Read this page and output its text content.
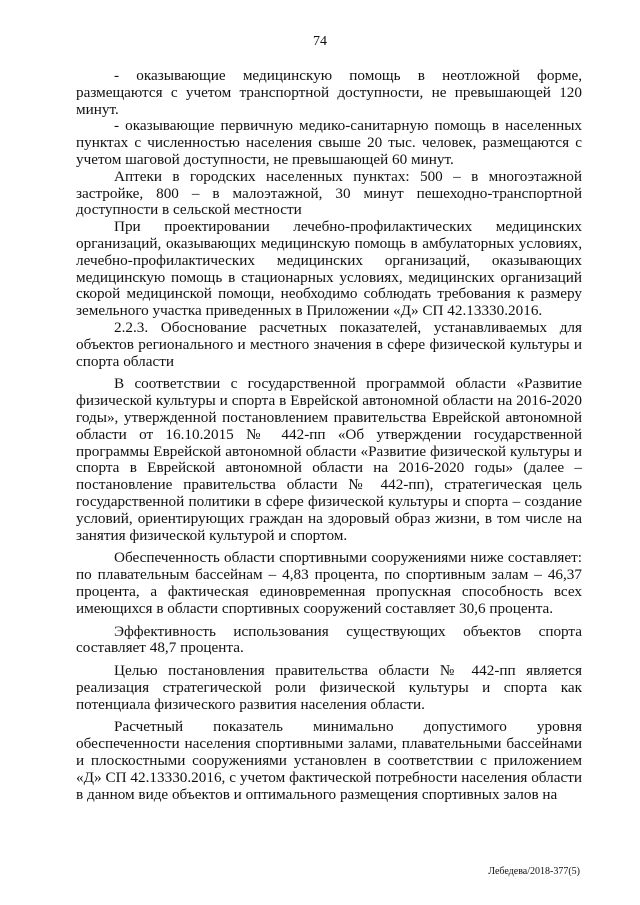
74

- оказывающие медицинскую помощь в неотложной форме, размещаются с учетом транспортной доступности, не превышающей 120 минут.

- оказывающие первичную медико-санитарную помощь в населенных пунктах с численностью населения свыше 20 тыс. человек, размещаются с учетом шаговой доступности, не превышающей 60 минут.

Аптеки в городских населенных пунктах: 500 – в многоэтажной застройке, 800 – в малоэтажной, 30 минут пешеходно-транспортной доступности в сельской местности

При проектировании лечебно-профилактических медицинских организаций, оказывающих медицинскую помощь в амбулаторных условиях, лечебно-профилактических медицинских организаций, оказывающих медицинскую помощь в стационарных условиях, медицинских организаций скорой медицинской помощи, необходимо соблюдать требования к размеру земельного участка приведенных в Приложении «Д» СП 42.13330.2016.

2.2.3. Обоснование расчетных показателей, устанавливаемых для объектов регионального и местного значения в сфере физической культуры и спорта области

В соответствии с государственной программой области «Развитие физической культуры и спорта в Еврейской автономной области на 2016-2020 годы», утвержденной постановлением правительства Еврейской автономной области от 16.10.2015 № 442-пп «Об утверждении государственной программы Еврейской автономной области «Развитие физической культуры и спорта в Еврейской автономной области на 2016-2020 годы» (далее – постановление правительства области № 442-пп), стратегическая цель государственной политики в сфере физической культуры и спорта – создание условий, ориентирующих граждан на здоровый образ жизни, в том числе на занятия физической культурой и спортом.

Обеспеченность области спортивными сооружениями ниже составляет: по плавательным бассейнам – 4,83 процента, по спортивным залам – 46,37 процента, а фактическая единовременная пропускная способность всех имеющихся в области спортивных сооружений составляет 30,6 процента.

Эффективность использования существующих объектов спорта составляет 48,7 процента.

Целью постановления правительства области № 442-пп является реализация стратегической роли физической культуры и спорта как потенциала физического развития населения области.

Расчетный показатель минимально допустимого уровня обеспеченности населения спортивными залами, плавательными бассейнами и плоскостными сооружениями установлен в соответствии с приложением «Д» СП 42.13330.2016, с учетом фактической потребности населения области в данном виде объектов и оптимального размещения спортивных залов на

Лебедева/2018-377(5)
